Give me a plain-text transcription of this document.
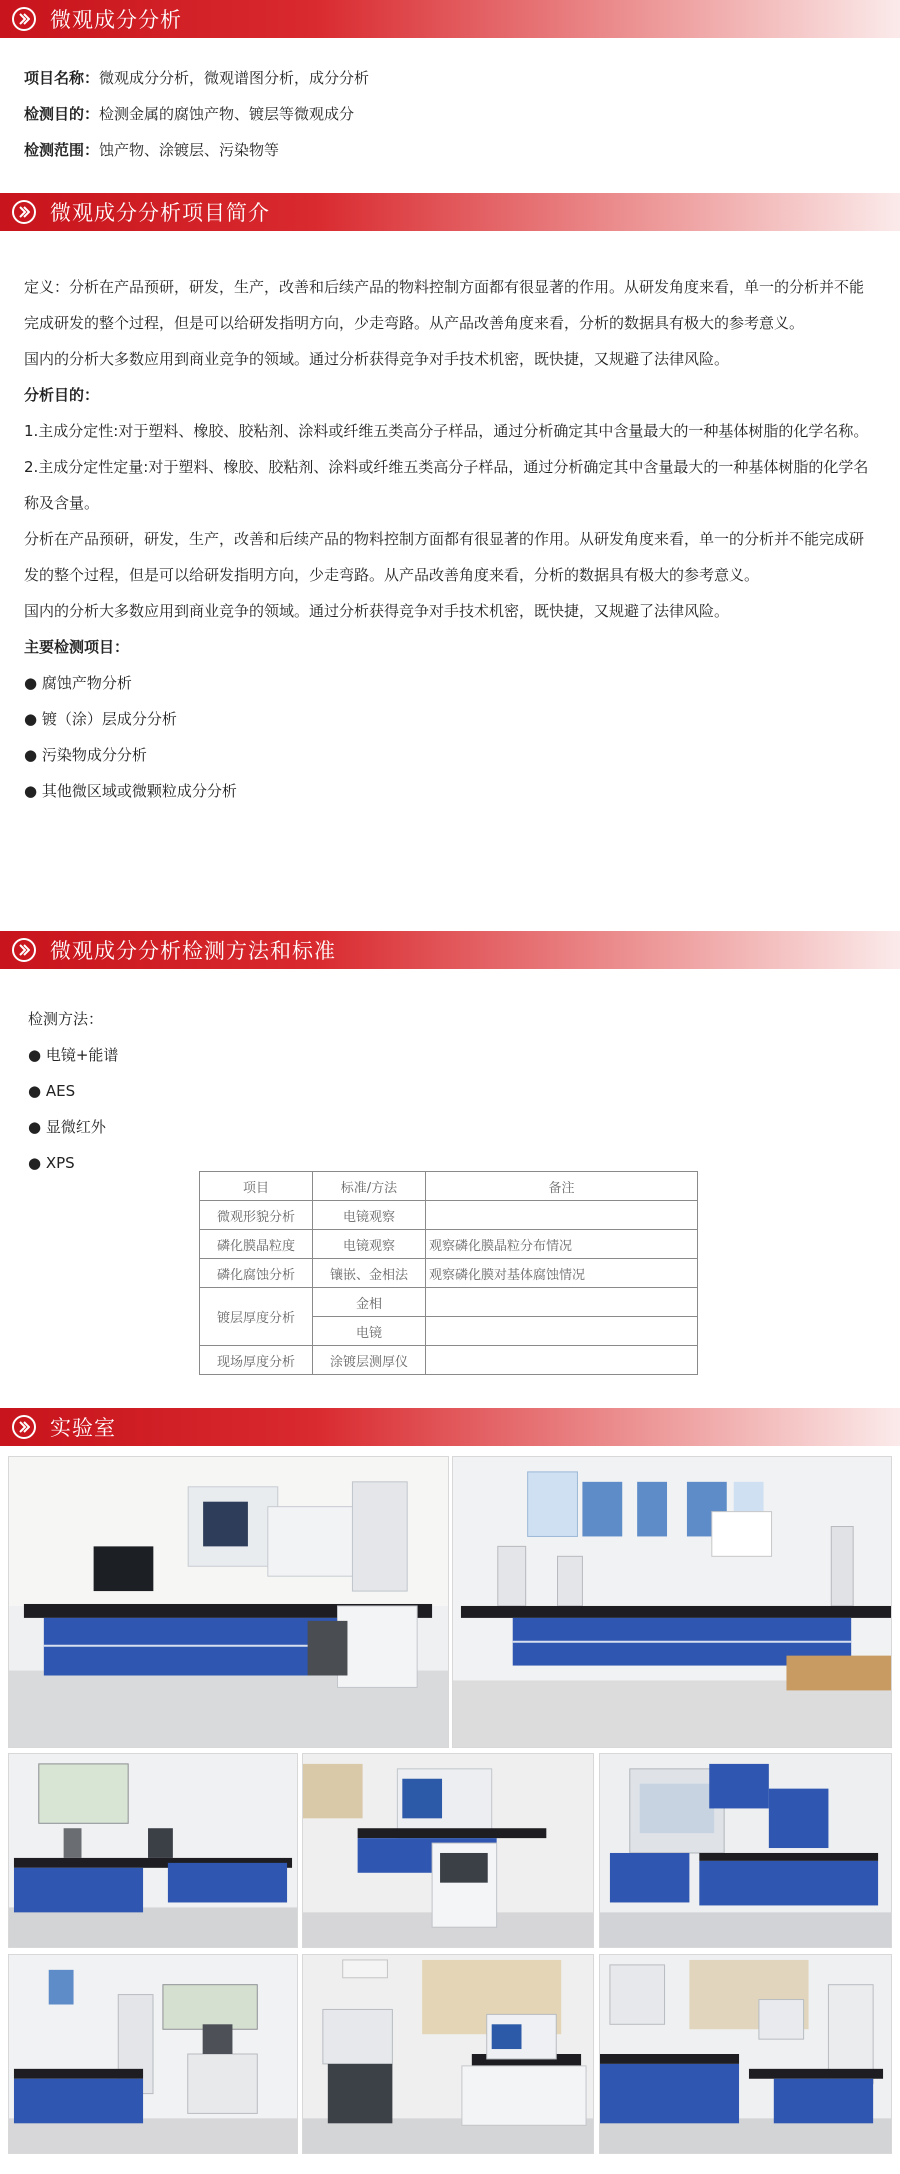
微观成分分析
项目名称：微观成分分析，微观谱图分析，成分分析
检测目的：检测金属的腐蚀产物、镀层等微观成分
检测范围：蚀产物、涂镀层、污染物等
微观成分分析项目简介

定义：分析在产品预研，研发，生产，改善和后续产品的物料控制方面都有很显著的作用。从研发角度来看，单一的分析并不能完成研发的整个过程，但是可以给研发指明方向，少走弯路。从产品改善角度来看，分析的数据具有极大的参考意义。

国内的分析大多数应用到商业竞争的领域。通过分析获得竞争对手技术机密，既快捷，又规避了法律风险。

分析目的：

1.主成分定性:对于塑料、橡胶、胶粘剂、涂料或纤维五类高分子样品，通过分析确定其中含量最大的一种基体树脂的化学名称。

2.主成分定性定量:对于塑料、橡胶、胶粘剂、涂料或纤维五类高分子样品，通过分析确定其中含量最大的一种基体树脂的化学名称及含量。

分析在产品预研，研发，生产，改善和后续产品的物料控制方面都有很显著的作用。从研发角度来看，单一的分析并不能完成研发的整个过程，但是可以给研发指明方向，少走弯路。从产品改善角度来看，分析的数据具有极大的参考意义。

国内的分析大多数应用到商业竞争的领域。通过分析获得竞争对手技术机密，既快捷，又规避了法律风险。

主要检测项目：

● 腐蚀产物分析

● 镀（涂）层成分分析

● 污染物成分分析

● 其他微区域或微颗粒成分分析

微观成分分析检测方法和标准

检测方法：

● 电镜+能谱

● AES

● 显微红外

● XPS

项目	标准/方法	备注
微观形貌分析	电镜观察	
磷化膜晶粒度	电镜观察	观察磷化膜晶粒分布情况
磷化腐蚀分析	镶嵌、金相法	观察磷化膜对基体腐蚀情况
镀层厚度分析	金相	
	电镜	
现场厚度分析	涂镀层测厚仪	
实验室
